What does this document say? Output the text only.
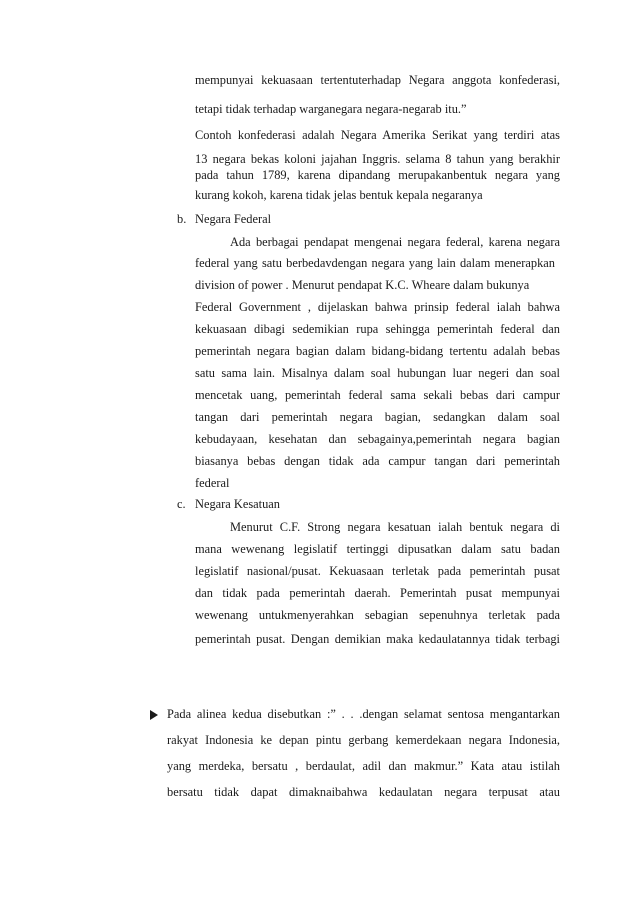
mempunyai kekuasaan tertentuterhadap Negara anggota konfederasi,
tetapi tidak terhadap warganegara negara-negarab itu.”
Contoh konfederasi adalah Negara Amerika Serikat yang terdiri atas
13 negara bekas koloni jajahan Inggris. selama 8 tahun yang berakhir
pada tahun 1789, karena dipandang merupakanbentuk negara yang
kurang kokoh, karena tidak jelas bentuk kepala negaranya
b. Negara Federal
Ada berbagai pendapat mengenai negara federal, karena negara
federal yang satu berbedavdengan negara yang lain dalam menerapkan
division of power . Menurut pendapat K.C. Wheare dalam bukunya
Federal Government , dijelaskan bahwa prinsip federal ialah bahwa
kekuasaan dibagi sedemikian rupa sehingga pemerintah federal dan
pemerintah negara bagian dalam bidang-bidang tertentu adalah bebas
satu sama lain. Misalnya dalam soal hubungan luar negeri dan soal
mencetak uang, pemerintah federal sama sekali bebas dari campur
tangan dari pemerintah negara bagian, sedangkan dalam soal
kebudayaan, kesehatan dan sebagainya,pemerintah negara bagian
biasanya bebas dengan tidak ada campur tangan dari pemerintah
federal
c. Negara Kesatuan
Menurut C.F. Strong negara kesatuan ialah bentuk negara di
mana wewenang legislatif tertinggi dipusatkan dalam satu badan
legislatif nasional/pusat. Kekuasaan terletak pada pemerintah pusat
dan tidak pada pemerintah daerah. Pemerintah pusat mempunyai
wewenang untukmenyerahkan sebagian sepenuhnya terletak pada
pemerintah pusat. Dengan demikian maka kedaulatannya tidak terbagi
Pada alinea kedua disebutkan :” . . .dengan selamat sentosa mengantarkan
rakyat Indonesia ke depan pintu gerbang kemerdekaan negara Indonesia,
yang merdeka, bersatu , berdaulat, adil dan makmur.” Kata atau istilah
bersatu tidak dapat dimaknaibahwa kedaulatan negara terpusat atau
